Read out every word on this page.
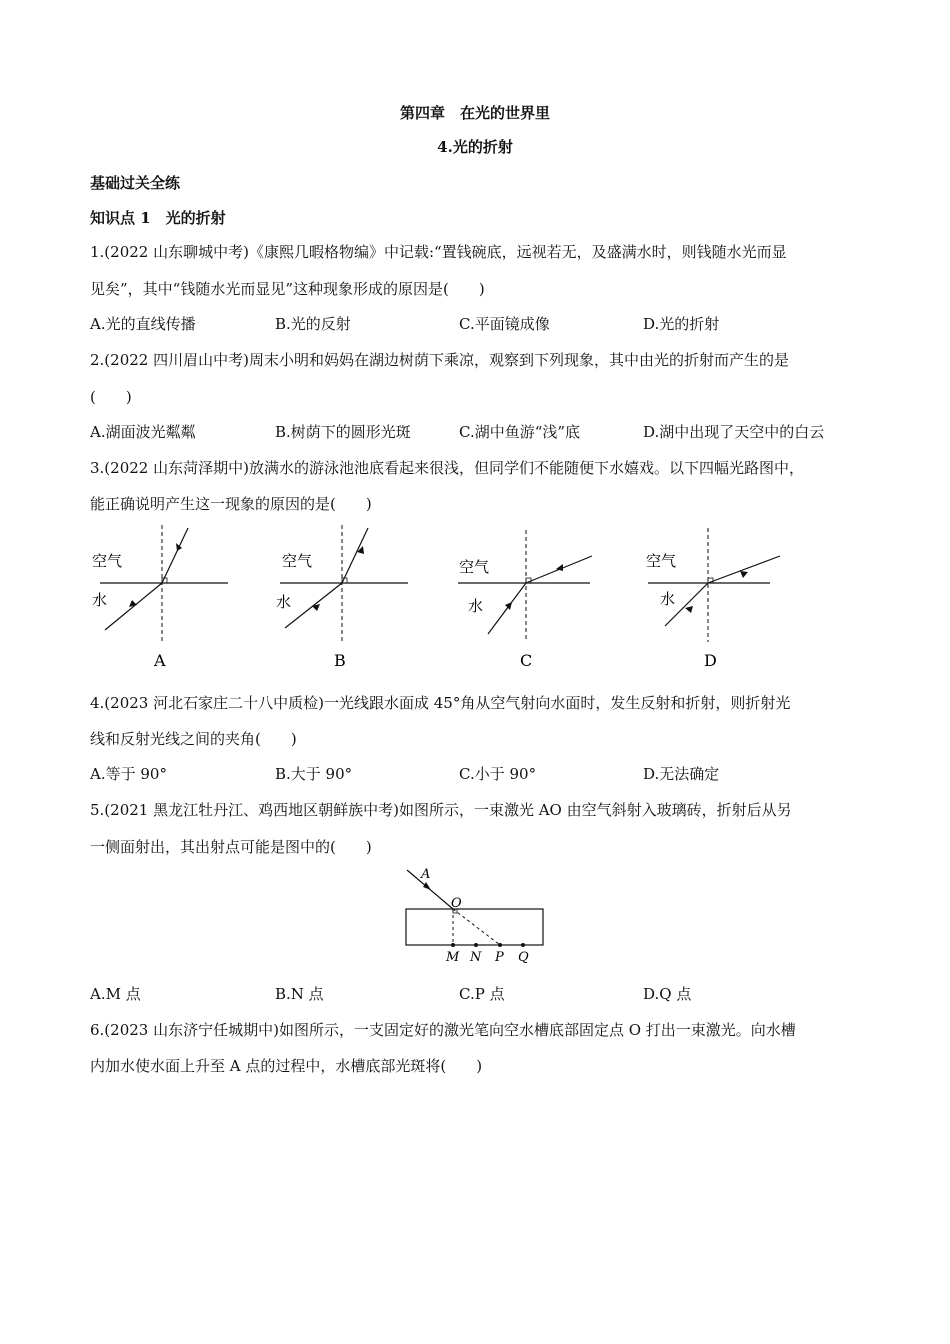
第四章　在光的世界里
4.光的折射
基础过关全练
知识点 1　光的折射
1.(2022 山东聊城中考)《康熙几暇格物编》中记载:“置钱碗底，远视若无，及盛满水时，则钱随水光而显
见矣”，其中“钱随水光而显见”这种现象形成的原因是(　　)
A.光的直线传播	B.光的反射	C.平面镜成像	D.光的折射
2.(2022 四川眉山中考)周末小明和妈妈在湖边树荫下乘凉，观察到下列现象，其中由光的折射而产生的是
(　　)
A.湖面波光粼粼	B.树荫下的圆形光斑	C.湖中鱼游“浅”底	D.湖中出现了天空中的白云
3.(2022 山东菏泽期中)放满水的游泳池池底看起来很浅，但同学们不能随便下水嬉戏。以下四幅光路图中，
能正确说明产生这一现象的原因的是(　　)
空气
水
A
空气
水
B
空气
水
C
空气
水
D
4.(2023 河北石家庄二十八中质检)一光线跟水面成 45°角从空气射向水面时，发生反射和折射，则折射光
线和反射光线之间的夹角(　　)
A.等于 90°	B.大于 90°	C.小于 90°	D.无法确定
5.(2021 黑龙江牡丹江、鸡西地区朝鲜族中考)如图所示，一束激光 AO 由空气斜射入玻璃砖，折射后从另
一侧面射出，其出射点可能是图中的(　　)
A
O
M N P Q
A.M 点	B.N 点	C.P 点	D.Q 点
6.(2023 山东济宁任城期中)如图所示，一支固定好的激光笔向空水槽底部固定点 O 打出一束激光。向水槽
内加水使水面上升至 A 点的过程中，水槽底部光斑将(　　)
